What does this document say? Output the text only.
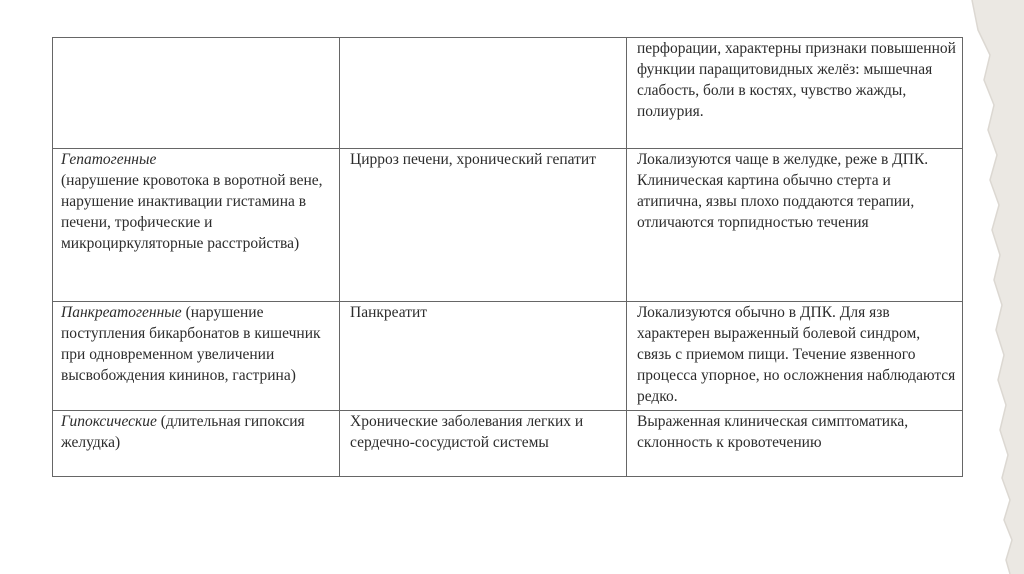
		перфорации, характерны признаки повышенной функции паращитовидных желёз: мышечная слабость, боли в костях, чувство жажды, полиурия.

Гепатогенные
(нарушение кровотока в воротной вене, нарушение инактивации гистамина в печени, трофические и микроциркуляторные расстройства)	Цирроз печени, хронический гепатит	Локализуются чаще в желудке, реже в ДПК. Клиническая картина обычно стерта и атипична, язвы плохо поддаются терапии, отличаются торпидностью течения

Панкреатогенные (нарушение поступления бикарбонатов в кишечник при одновременном увеличении высвобождения кининов, гастрина)	Панкреатит	Локализуются обычно в ДПК. Для язв характерен выраженный болевой синдром, связь с приемом пищи. Течение язвенного процесса упорное, но осложнения наблюдаются редко.

Гипоксические (длительная гипоксия желудка)	Хронические заболевания легких и сердечно-сосудистой системы	Выраженная клиническая симптоматика, склонность к кровотечению
